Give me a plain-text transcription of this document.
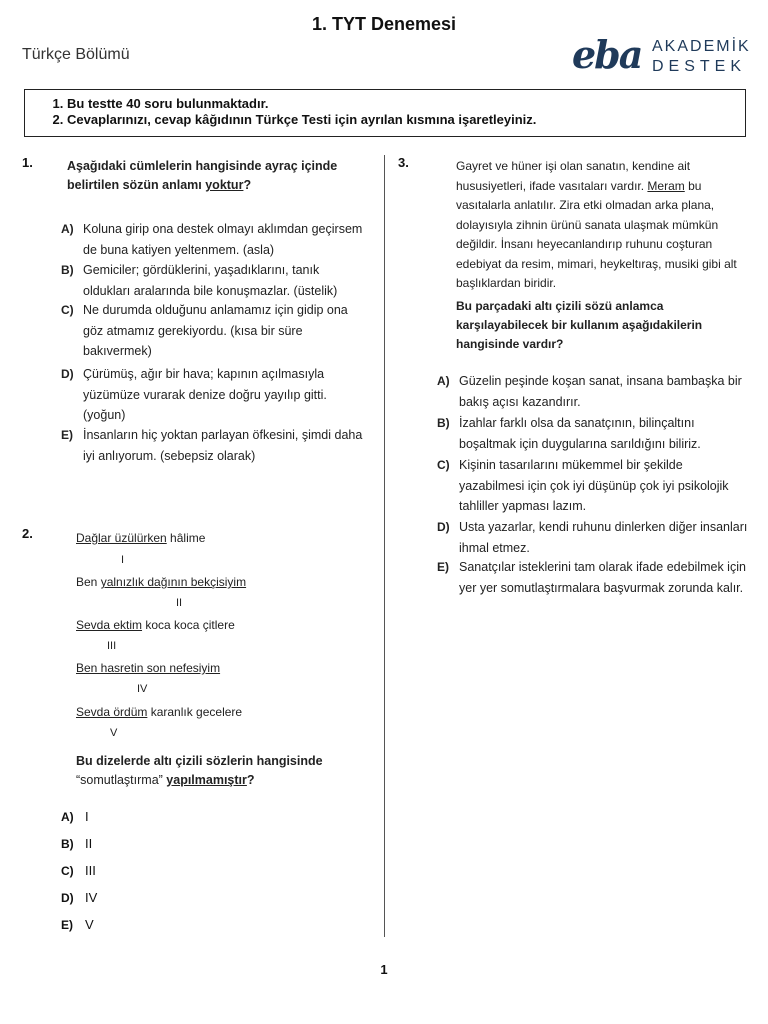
1. TYT Denemesi
Türkçe Bölümü	eba AKADEMİK
DESTEK
1. Bu testte 40 soru bulunmaktadır.
2. Cevaplarınızı, cevap kâğıdının Türkçe Testi için ayrılan kısmına işaretleyiniz.
1.	Aşağıdaki cümlelerin hangisinde ayraç içinde belirtilen sözün anlamı yoktur?
A) Koluna girip ona destek olmayı aklımdan geçirsem de buna katiyen yeltenmem. (asla)
B) Gemiciler; gördüklerini, yaşadıklarını, tanık oldukları aralarında bile konuşmazlar. (üstelik)
C) Ne durumda olduğunu anlamamız için gidip ona göz atmamız gerekiyordu. (kısa bir süre bakıvermek)
D) Çürümüş, ağır bir hava; kapının açılmasıyla yüzümüze vurarak denize doğru yayılıp gitti. (yoğun)
E) İnsanların hiç yoktan parlayan öfkesini, şimdi daha iyi anlıyorum. (sebepsiz olarak)
2.	Dağlar üzülürken hâlime
I
Ben yalnızlık dağının bekçisiyim
II
Sevda ektim koca koca çitlere
III
Ben hasretin son nefesiyim
IV
Sevda ördüm karanlık gecelere
V
Bu dizelerde altı çizili sözlerin hangisinde
“somutlaştırma” yapılmamıştır?
A) I
B) II
C) III
D) IV
E) V
3.	Gayret ve hüner işi olan sanatın, kendine ait hususiyetleri, ifade vasıtaları vardır. Meram bu vasıtalarla anlatılır. Zira etki olmadan arka plana, dolayısıyla zihnin ürünü sanata ulaşmak mümkün değildir. İnsanı heyecanlandırıp ruhunu coşturan edebiyat da resim, mimari, heykeltıraş, musiki gibi alt başlıklardan biridir.
Bu parçadaki altı çizili sözü anlamca karşılayabilecek bir kullanım aşağıdakilerin hangisinde vardır?
A) Güzelin peşinde koşan sanat, insana bambaşka bir bakış açısı kazandırır.
B) İzahlar farklı olsa da sanatçının, bilinçaltını boşaltmak için duygularına sarıldığını biliriz.
C) Kişinin tasarılarını mükemmel bir şekilde yazabilmesi için çok iyi düşünüp çok iyi psikolojik tahliller yapması lazım.
D) Usta yazarlar, kendi ruhunu dinlerken diğer insanları ihmal etmez.
E) Sanatçılar isteklerini tam olarak ifade edebilmek için yer yer somutlaştırmalara başvurmak zorunda kalır.
1
